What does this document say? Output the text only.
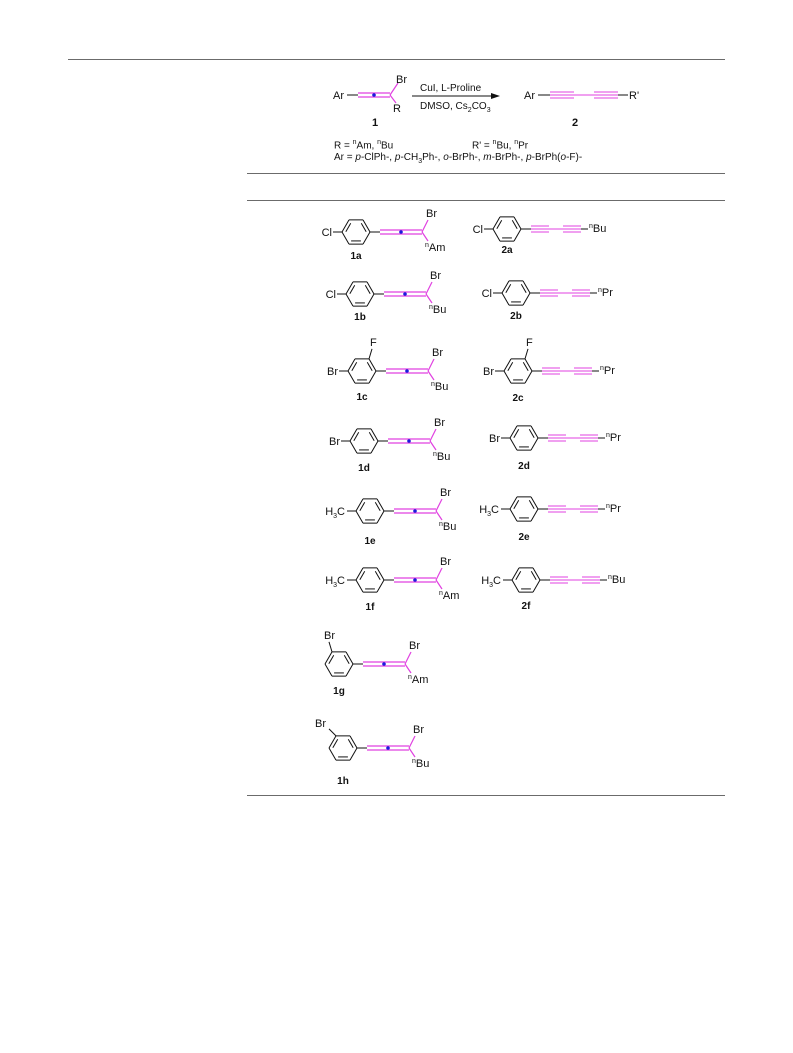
Ar
Br
R
1
CuI, L-Proline
DMSO, $Cs_2CO_3$
Ar	R'
2
R = $^n$Am, $^n$Bu	R' = $^n$Bu, $^n$Pr
Ar = p-ClPh-, $p-CH_3Ph-$, o-BrPh-, m-BrPh-, p-BrPh(o-F)-
Cl
Br
$^n$Am
1a
Cl
Br
$^n$Bu
1b
Br
F
Br
$^n$Bu
1c
Br
Br
$^n$Bu
1d
$H_3C$
Br
$^n$Bu
1e
$H_3C$
Br
$^n$Am
1f
Br
Br
$^n$Am
1g
Br
Br
$^n$Bu
1h
Cl	$^n$Bu
2a
Cl	$^n$Pr
2b
Br
F
$^n$Pr
2c
Br	$^n$Pr
2d
$H_3C$	$^n$Pr
2e
$H_3C$	$^n$Bu
2f
